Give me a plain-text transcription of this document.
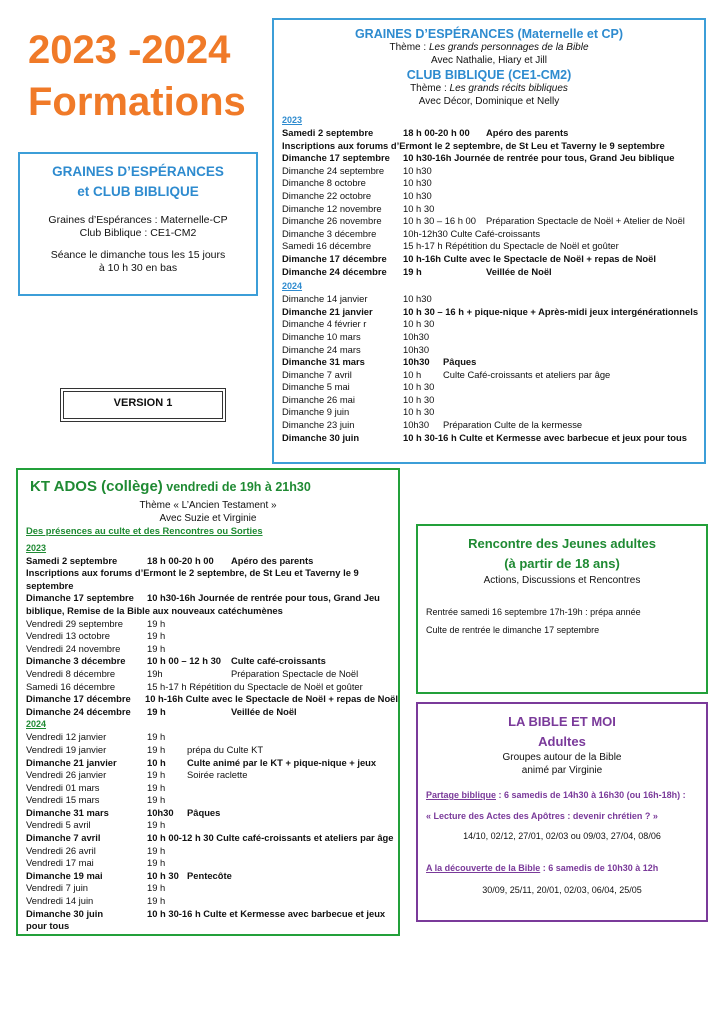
2023 -2024
Formations
GRAINES D’ESPÉRANCES
et CLUB BIBLIQUE
Graines d’Espérances : Maternelle-CP
Club Biblique : CE1-CM2
Séance le dimanche tous les 15 jours
à 10 h 30 en bas
VERSION 1
GRAINES D’ESPÉRANCES (Maternelle et CP)
Thème : Les grands personnages de la Bible
Avec Nathalie, Hiary et Jill
CLUB BIBLIQUE (CE1-CM2)
Thème : Les grands récits bibliques
Avec Décor, Dominique et Nelly
2023
Samedi 2 septembre	18 h 00-20 h 00	Apéro des parents
Inscriptions aux forums d’Ermont le 2 septembre, de St Leu et Taverny le 9 septembre
Dimanche 17 septembre	10 h30-16h Journée de rentrée pour tous, Grand Jeu biblique
Dimanche 24 septembre	10 h30
Dimanche 8 octobre	10 h30
Dimanche 22 octobre	10 h30
Dimanche 12 novembre	10 h 30
Dimanche 26 novembre	10 h 30 – 16 h 00	Préparation Spectacle de Noël + Atelier de Noël
Dimanche 3 décembre	10h-12h30 Culte Café-croissants
Samedi 16 décembre	15 h-17 h Répétition du Spectacle de Noël et goûter
Dimanche 17 décembre	10 h-16h Culte avec le Spectacle de Noël + repas de Noël
Dimanche 24 décembre	19 h	Veillée de Noël
2024
Dimanche 14 janvier	10 h30
Dimanche 21 janvier	10 h 30 – 16 h + pique-nique + Après-midi jeux intergénérationnels
Dimanche 4 février r	10 h 30
Dimanche 10 mars	10h30
Dimanche 24 mars	10h30
Dimanche 31 mars	10h30	Pâques
Dimanche 7 avril	10 h	Culte Café-croissants et ateliers par âge
Dimanche 5 mai	10 h 30
Dimanche 26 mai	10 h 30
Dimanche 9 juin	10 h 30
Dimanche 23 juin	10h30	Préparation Culte de la kermesse
Dimanche 30 juin	10 h 30-16 h Culte et Kermesse avec barbecue et jeux pour tous
KT ADOS (collège) vendredi de 19h à 21h30
Thème « L’Ancien Testament »
Avec Suzie et Virginie
Des présences au culte et des Rencontres ou Sorties
2023
Samedi 2 septembre	18 h 00-20 h 00	Apéro des parents
Inscriptions aux forums d’Ermont le 2 septembre, de St Leu et Taverny le 9 septembre
Dimanche 17 septembre	10 h30-16h Journée de rentrée pour tous, Grand Jeu
biblique, Remise de la Bible aux nouveaux catéchumènes
Vendredi 29 septembre	19 h
Vendredi 13 octobre	19 h
Vendredi 24 novembre	19 h
Dimanche 3 décembre	10 h 00 – 12 h 30	Culte café-croissants
Vendredi 8 décembre	19h	Préparation Spectacle de Noël
Samedi 16 décembre	15 h-17 h Répétition du Spectacle de Noël et goûter
Dimanche 17 décembre	10 h-16h Culte avec le Spectacle de Noël + repas de Noël
Dimanche 24 décembre	19 h	Veillée de Noël
2024
Vendredi 12 janvier	19 h
Vendredi 19 janvier	19 h	prépa du Culte KT
Dimanche 21 janvier	10 h	Culte animé par le KT + pique-nique + jeux
Vendredi 26 janvier	19 h	Soirée raclette
Vendredi 01 mars	19 h
Vendredi 15 mars	19 h
Dimanche 31 mars	10h30	Pâques
Vendredi 5 avril	19 h
Dimanche 7 avril	10 h 00-12 h 30 Culte café-croissants et ateliers par âge
Vendredi 26 avril	19 h
Vendredi 17 mai	19 h
Dimanche 19 mai	10 h 30 Pentecôte
Vendredi 7 juin	19 h
Vendredi 14 juin	19 h
Dimanche 30 juin	10 h 30-16 h Culte et Kermesse avec barbecue et jeux
pour tous
Rencontre des Jeunes adultes
(à partir de 18 ans)
Actions, Discussions et Rencontres
Rentrée samedi 16 septembre 17h-19h : prépa année
Culte de rentrée le dimanche 17 septembre
LA BIBLE ET MOI
Adultes
Groupes autour de la Bible
animé par Virginie
Partage biblique : 6 samedis de 14h30 à 16h30 (ou 16h-18h) :
« Lecture des Actes des Apôtres : devenir chrétien ? »
14/10, 02/12, 27/01, 02/03 ou 09/03, 27/04, 08/06
A la découverte de la Bible : 6 samedis de 10h30 à 12h
30/09, 25/11, 20/01, 02/03, 06/04, 25/05
